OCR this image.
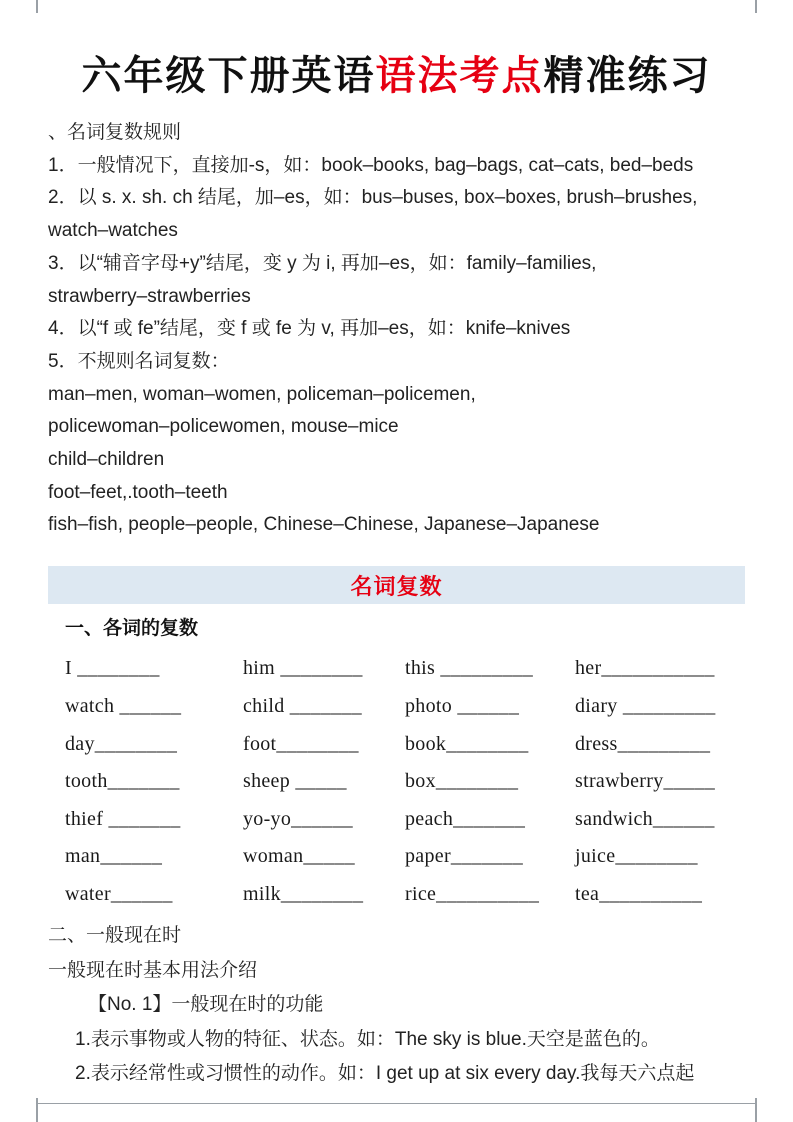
六年级下册英语语法考点精准练习
、名词复数规则
1．一般情况下，直接加-s，如：book–books, bag–bags, cat–cats, bed–beds
2．以 s. x. sh. ch 结尾，加–es，如：bus–buses, box–boxes, brush–brushes,
watch–watches
3．以“辅音字母+y”结尾，变 y 为 i, 再加–es，如：family–families,
strawberry–strawberries
4．以“f 或 fe”结尾，变 f 或 fe 为 v, 再加–es，如：knife–knives
5．不规则名词复数：
man–men, woman–women, policeman–policemen,
policewoman–policewomen, mouse–mice
child–children
foot–feet,.tooth–teeth
fish–fish, people–people, Chinese–Chinese, Japanese–Japanese
名词复数
一、各词的复数
I ________	him ________	this _________	her___________
watch ______	child _______	photo ______	diary _________
day________	foot________	book________	dress_________
tooth_______	sheep _____	box________	strawberry_____
thief _______	yo-yo______	peach_______	sandwich______
man______	woman_____	paper_______	juice________
water______	milk________	rice__________	tea__________
二、一般现在时
一般现在时基本用法介绍
【No. 1】一般现在时的功能
1.表示事物或人物的特征、状态。如：The sky is blue.天空是蓝色的。
2.表示经常性或习惯性的动作。如：I get up at six every day.我每天六点起
